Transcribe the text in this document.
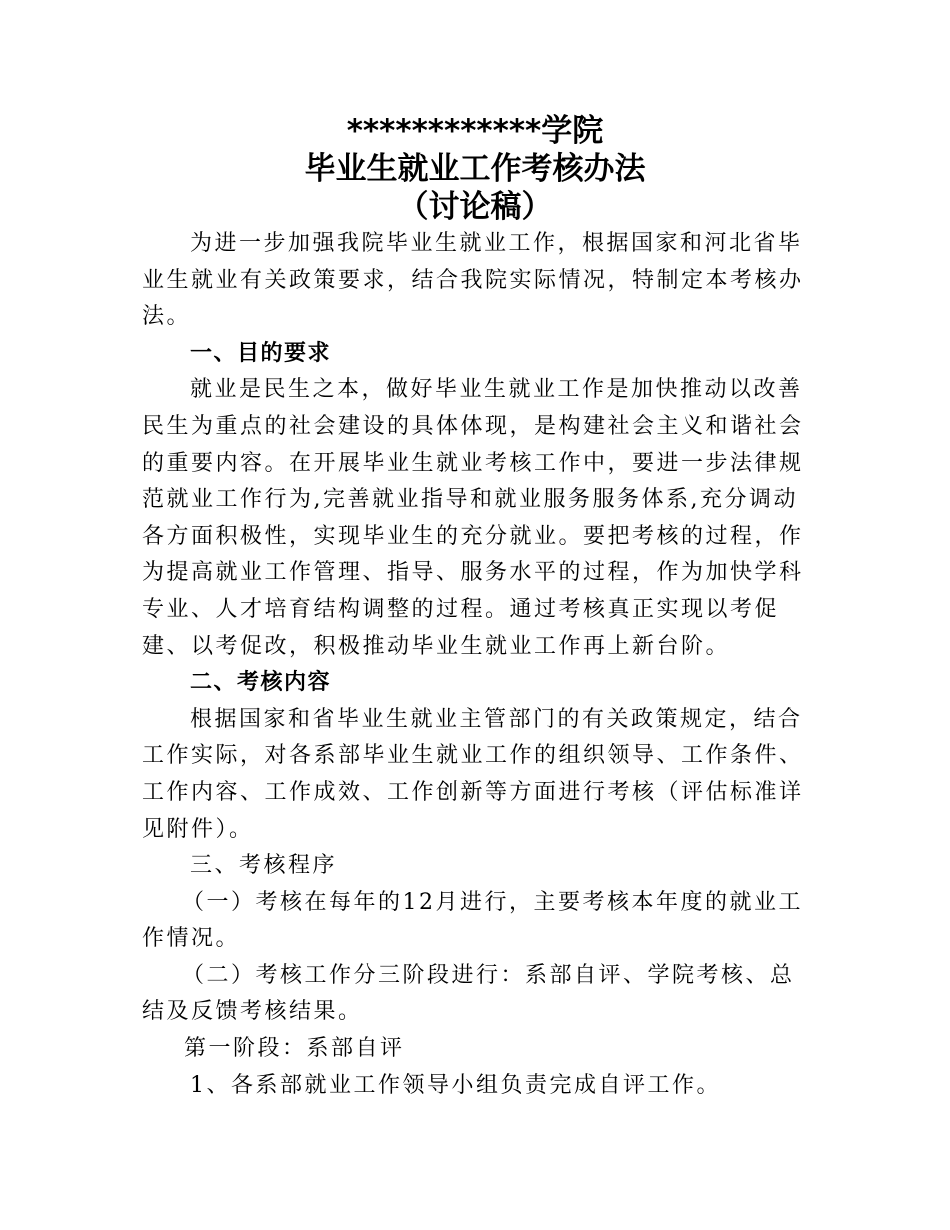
************学院
毕业生就业工作考核办法
（讨论稿）

为进一步加强我院毕业生就业工作，根据国家和河北省毕业生就业有关政策要求，结合我院实际情况，特制定本考核办法。

一、目的要求

就业是民生之本，做好毕业生就业工作是加快推动以改善民生为重点的社会建设的具体体现，是构建社会主义和谐社会的重要内容。在开展毕业生就业考核工作中，要进一步法律规范就业工作行为,完善就业指导和就业服务服务体系,充分调动各方面积极性，实现毕业生的充分就业。要把考核的过程，作为提高就业工作管理、指导、服务水平的过程，作为加快学科专业、人才培育结构调整的过程。通过考核真正实现以考促建、以考促改，积极推动毕业生就业工作再上新台阶。

二、考核内容

根据国家和省毕业生就业主管部门的有关政策规定，结合工作实际，对各系部毕业生就业工作的组织领导、工作条件、工作内容、工作成效、工作创新等方面进行考核（评估标准详见附件）。

三、考核程序

（一）考核在每年的12月进行，主要考核本年度的就业工作情况。

（二）考核工作分三阶段进行：系部自评、学院考核、总结及反馈考核结果。

第一阶段：系部自评

1、各系部就业工作领导小组负责完成自评工作。
